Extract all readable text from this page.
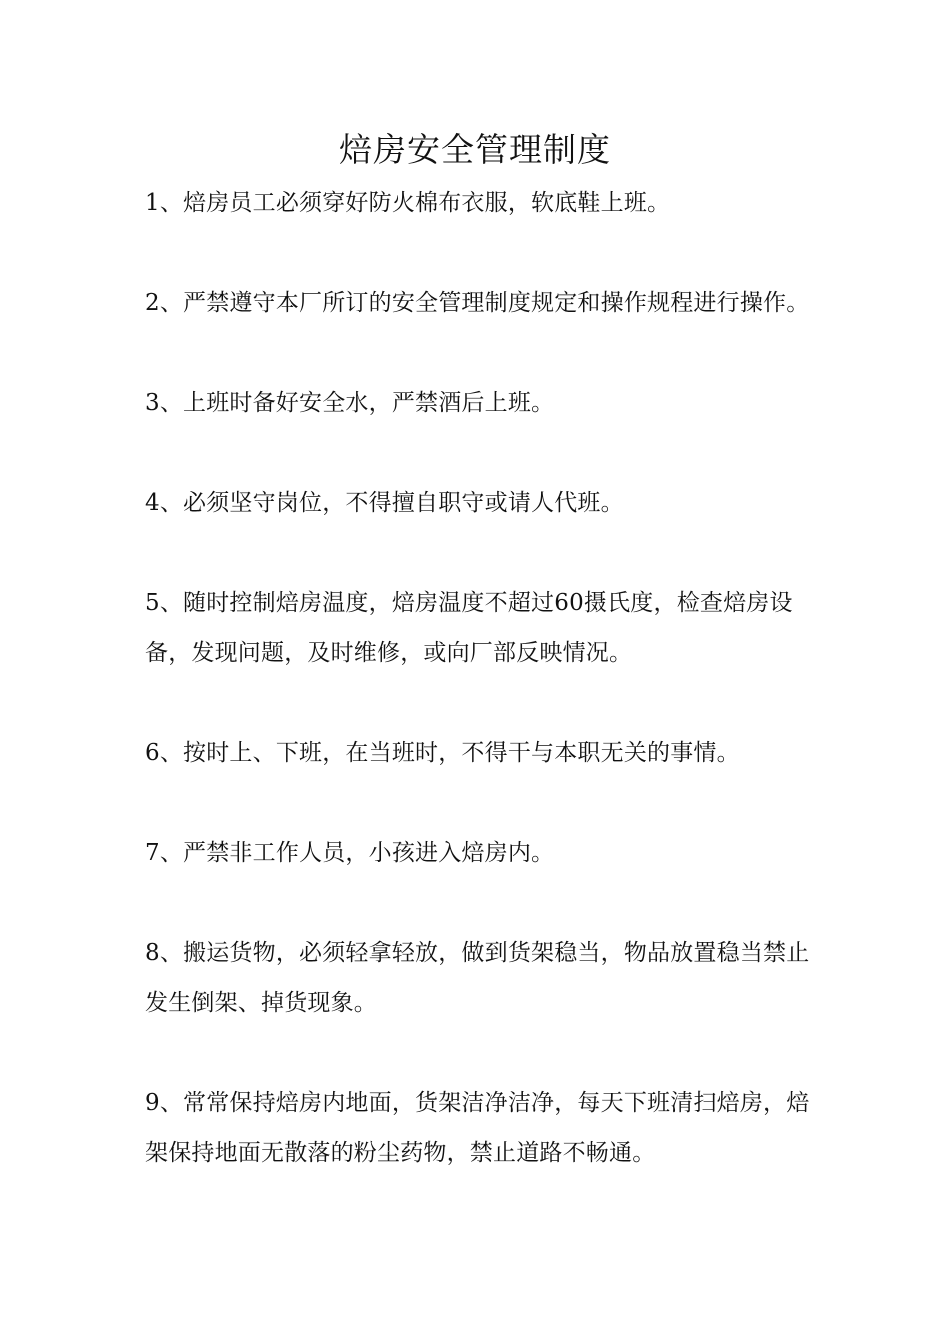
焙房安全管理制度
1、焙房员工必须穿好防火棉布衣服，软底鞋上班。
2、严禁遵守本厂所订的安全管理制度规定和操作规程进行操作。
3、上班时备好安全水，严禁酒后上班。
4、必须坚守岗位，不得擅自职守或请人代班。
5、随时控制焙房温度，焙房温度不超过60摄氏度，检查焙房设备，发现问题，及时维修，或向厂部反映情况。
6、按时上、下班，在当班时，不得干与本职无关的事情。
7、严禁非工作人员，小孩进入焙房内。
8、搬运货物，必须轻拿轻放，做到货架稳当，物品放置稳当禁止发生倒架、掉货现象。
9、常常保持焙房内地面，货架洁净洁净，每天下班清扫焙房，焙架保持地面无散落的粉尘药物，禁止道路不畅通。
